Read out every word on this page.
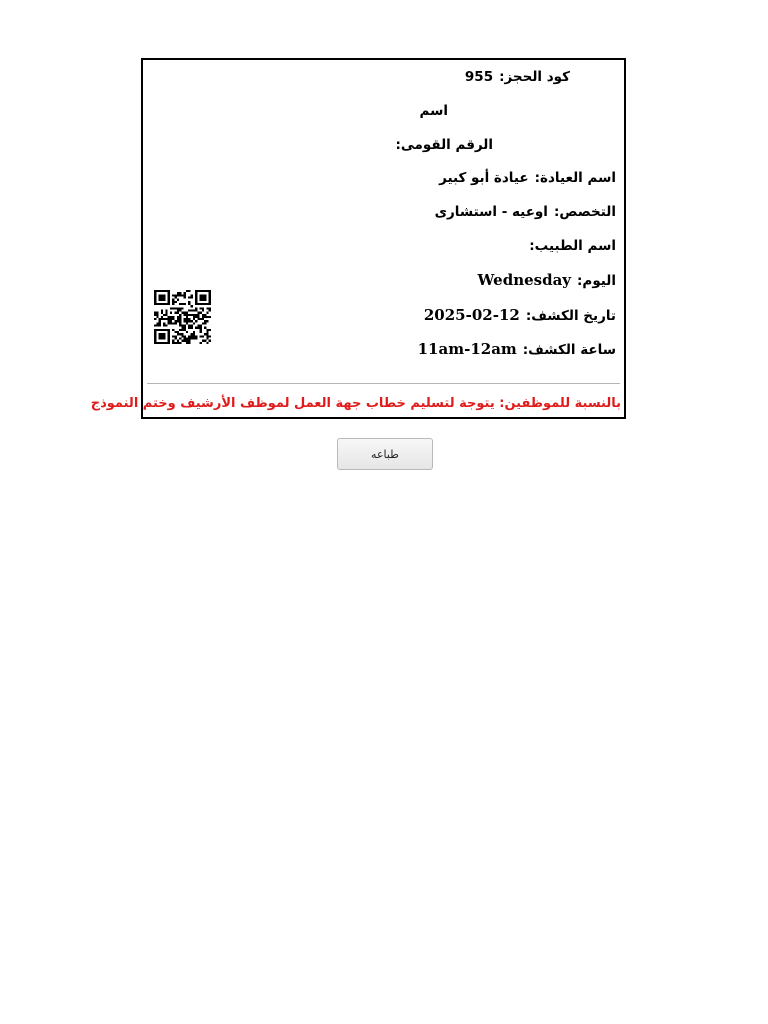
كود الحجز:955
اسم
الرقم القومى:
اسم العيادة:عيادة أبو كبير
التخصص:اوعيه - استشارى
اسم الطبيب:
اليوم:Wednesday
تاريخ الكشف:2025-02-12
ساعة الكشف:11am-12am
بالنسبة للموظفين: يتوجة لتسليم خطاب جهة العمل لموظف الأرشيف وختم النموذج
طباعه
